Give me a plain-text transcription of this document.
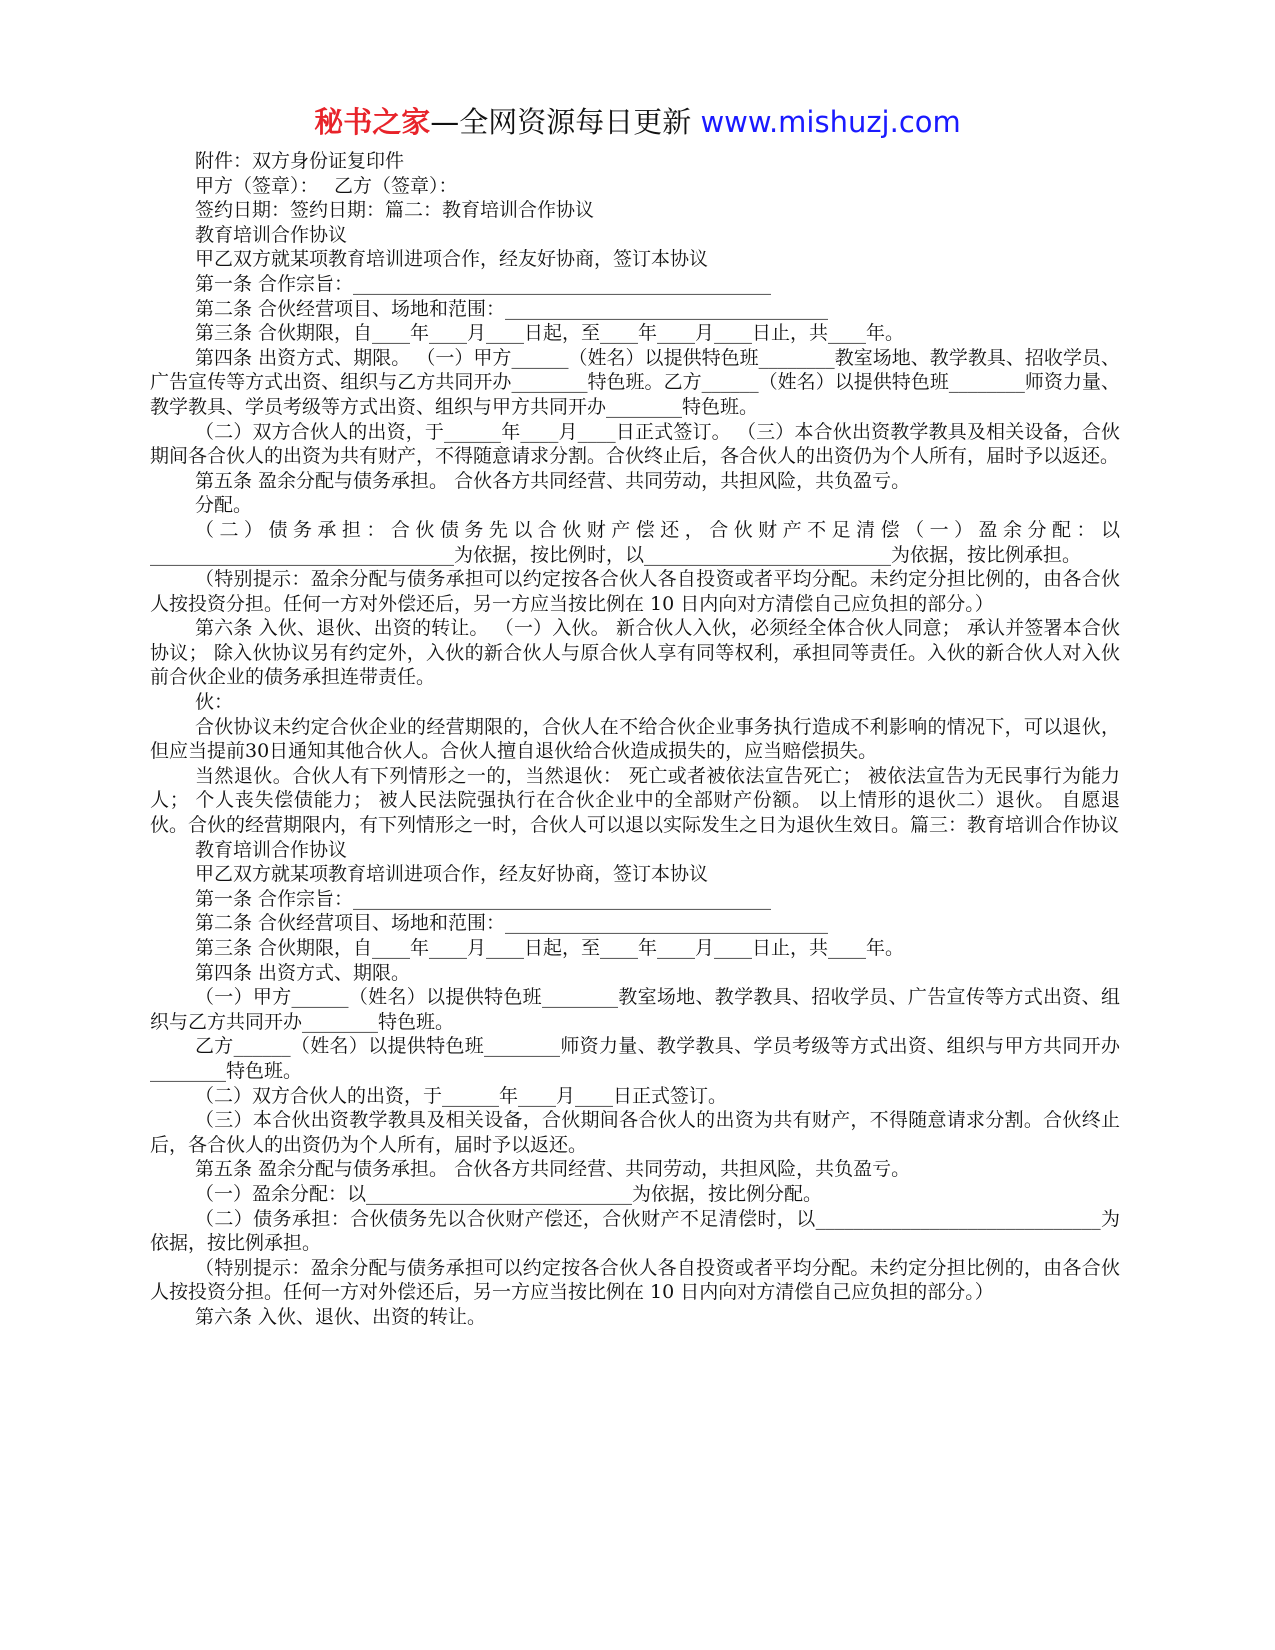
秘书之家—全网资源每日更新 www.mishuzj.com

附件：双方身份证复印件

甲方（签章）：　 乙方（签章）：

签约日期：签约日期：篇二：教育培训合作协议

教育培训合作协议

甲乙双方就某项教育培训进项合作，经友好协商，签订本协议

第一条 合作宗旨：____________________________________________

第二条 合伙经营项目、场地和范围：__________________________________

第三条 合伙期限，自____年____月____日起，至____年____月____日止，共____年。

第四条 出资方式、期限。 （一）甲方______（姓名）以提供特色班________教室场地、教学教具、招收学员、广告宣传等方式出资、组织与乙方共同开办________特色班。乙方______（姓名）以提供特色班________师资力量、教学教具、学员考级等方式出资、组织与甲方共同开办________特色班。

（二）双方合伙人的出资，于______年____月____日正式签订。 （三）本合伙出资教学教具及相关设备，合伙期间各合伙人的出资为共有财产，不得随意请求分割。合伙终止后，各合伙人的出资仍为个人所有，届时予以返还。

第五条 盈余分配与债务承担。 合伙各方共同经营、共同劳动，共担风险，共负盈亏。

分配。

（二）债务承担：合伙债务先以合伙财产偿还，合伙财产不足清偿（一）盈余分配：以________________________________为依据，按比例时，以__________________________为依据，按比例承担。

（特别提示：盈余分配与债务承担可以约定按各合伙人各自投资或者平均分配。未约定分担比例的，由各合伙人按投资分担。任何一方对外偿还后，另一方应当按比例在 10 日内向对方清偿自己应负担的部分。）

第六条 入伙、退伙、出资的转让。 （一）入伙。 新合伙人入伙，必须经全体合伙人同意； 承认并签署本合伙协议； 除入伙协议另有约定外，入伙的新合伙人与原合伙人享有同等权利，承担同等责任。入伙的新合伙人对入伙前合伙企业的债务承担连带责任。

伙：

合伙协议未约定合伙企业的经营期限的，合伙人在不给合伙企业事务执行造成不利影响的情况下，可以退伙，但应当提前30日通知其他合伙人。合伙人擅自退伙给合伙造成损失的，应当赔偿损失。

当然退伙。合伙人有下列情形之一的，当然退伙： 死亡或者被依法宣告死亡； 被依法宣告为无民事行为能力人； 个人丧失偿债能力； 被人民法院强执行在合伙企业中的全部财产份额。 以上情形的退伙二）退伙。 自愿退伙。合伙的经营期限内，有下列情形之一时，合伙人可以退以实际发生之日为退伙生效日。篇三：教育培训合作协议

教育培训合作协议

甲乙双方就某项教育培训进项合作，经友好协商，签订本协议

第一条 合作宗旨：____________________________________________

第二条 合伙经营项目、场地和范围：__________________________________

第三条 合伙期限，自____年____月____日起，至____年____月____日止，共____年。

第四条 出资方式、期限。

（一）甲方______（姓名）以提供特色班________教室场地、教学教具、招收学员、广告宣传等方式出资、组织与乙方共同开办________特色班。

乙方______（姓名）以提供特色班________师资力量、教学教具、学员考级等方式出资、组织与甲方共同开办________特色班。

（二）双方合伙人的出资，于______年____月____日正式签订。

（三）本合伙出资教学教具及相关设备，合伙期间各合伙人的出资为共有财产，不得随意请求分割。合伙终止后，各合伙人的出资仍为个人所有，届时予以返还。

第五条 盈余分配与债务承担。 合伙各方共同经营、共同劳动，共担风险，共负盈亏。

（一）盈余分配：以____________________________为依据，按比例分配。

（二）债务承担：合伙债务先以合伙财产偿还，合伙财产不足清偿时，以______________________________为依据，按比例承担。

（特别提示：盈余分配与债务承担可以约定按各合伙人各自投资或者平均分配。未约定分担比例的，由各合伙人按投资分担。任何一方对外偿还后，另一方应当按比例在 10 日内向对方清偿自己应负担的部分。）

第六条 入伙、退伙、出资的转让。
